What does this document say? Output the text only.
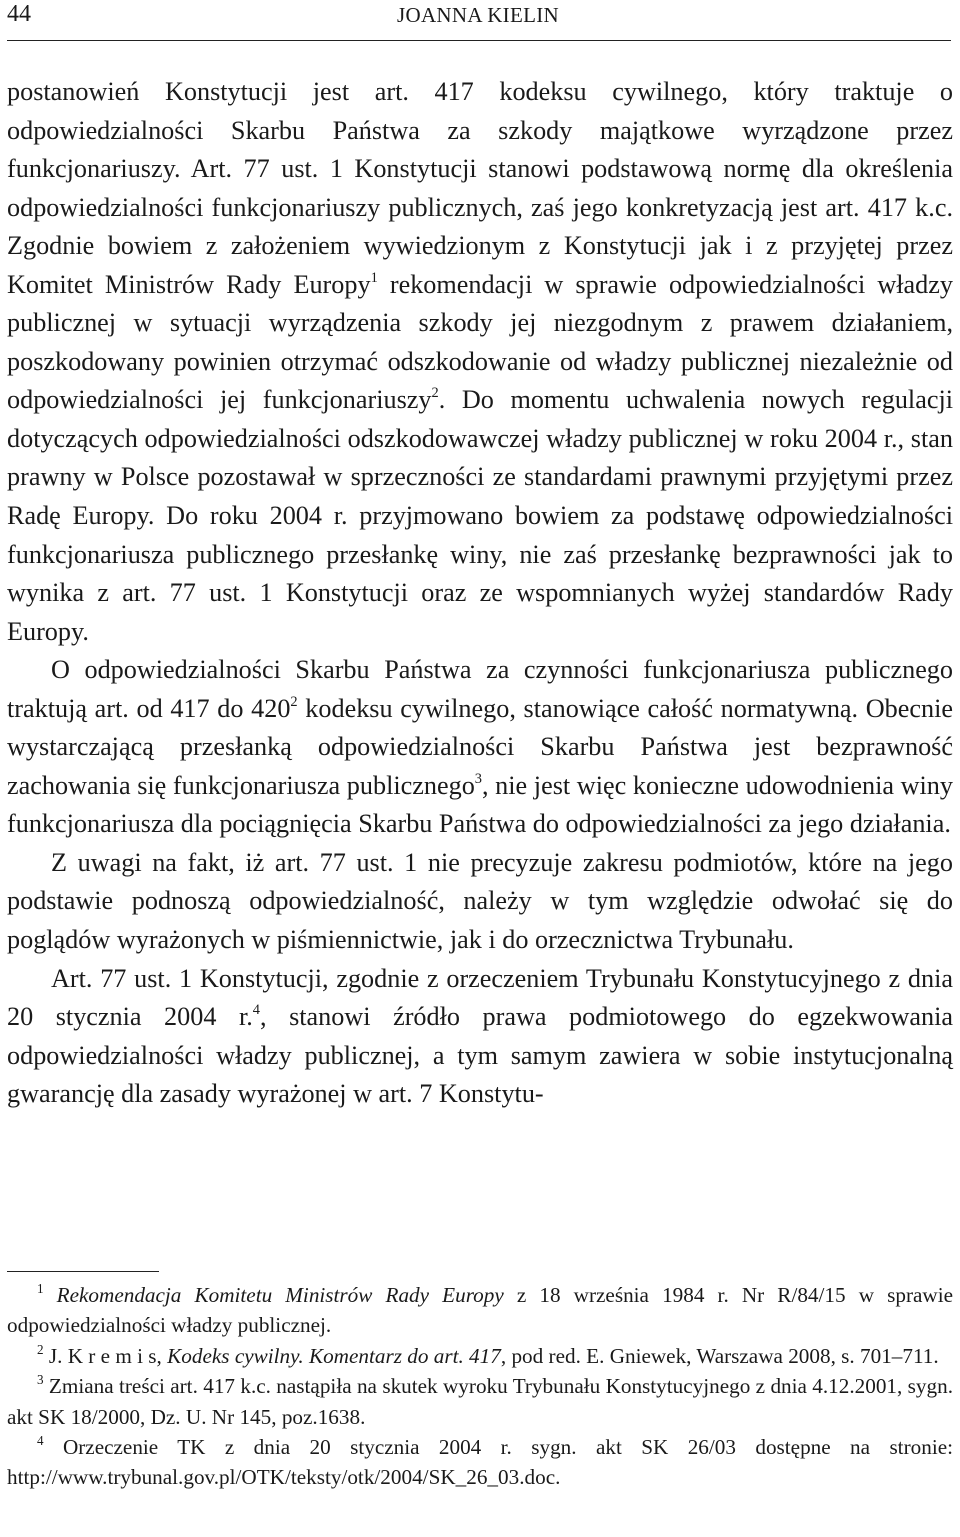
44	JOANNA KIELIN

postanowień Konstytucji jest art. 417 kodeksu cywilnego, który traktuje o odpowiedzialności Skarbu Państwa za szkody majątkowe wyrządzone przez funkcjonariuszy. Art. 77 ust. 1 Konstytucji stanowi podstawową normę dla określenia odpowiedzialności funkcjonariuszy publicznych, zaś jego konkretyzacją jest art. 417 k.c. Zgodnie bowiem z założeniem wywiedzionym z Konstytucji jak i z przyjętej przez Komitet Ministrów Rady Europy$^1$ rekomendacji w sprawie odpowiedzialności władzy publicznej w sytuacji wyrządzenia szkody jej niezgodnym z prawem działaniem, poszkodowany powinien otrzymać odszkodowanie od władzy publicznej niezależnie od odpowiedzialności jej funkcjonariuszy$^2$. Do momentu uchwalenia nowych regulacji dotyczących odpowiedzialności odszkodowawczej władzy publicznej w roku 2004 r., stan prawny w Polsce pozostawał w sprzeczności ze standardami prawnymi przyjętymi przez Radę Europy. Do roku 2004 r. przyjmowano bowiem za podstawę odpowiedzialności funkcjonariusza publicznego przesłankę winy, nie zaś przesłankę bezprawności jak to wynika z art. 77 ust. 1 Konstytucji oraz ze wspomnianych wyżej standardów Rady Europy.

O odpowiedzialności Skarbu Państwa za czynności funkcjonariusza publicznego traktują art. od 417 do $420^2$ kodeksu cywilnego, stanowiące całość normatywną. Obecnie wystarczającą przesłanką odpowiedzialności Skarbu Państwa jest bezprawność zachowania się funkcjonariusza publicznego$^3$, nie jest więc konieczne udowodnienia winy funkcjonariusza dla pociągnięcia Skarbu Państwa do odpowiedzialności za jego działania.

Z uwagi na fakt, iż art. 77 ust. 1 nie precyzuje zakresu podmiotów, które na jego podstawie podnoszą odpowiedzialność, należy w tym względzie odwołać się do poglądów wyrażonych w piśmiennictwie, jak i do orzecznictwa Trybunału.

Art. 77 ust. 1 Konstytucji, zgodnie z orzeczeniem Trybunału Konstytucyjnego z dnia 20 stycznia 2004 r.$^4$, stanowi źródło prawa podmiotowego do egzekwowania odpowiedzialności władzy publicznej, a tym samym zawiera w sobie instytucjonalną gwarancję dla zasady wyrażonej w art. 7 Konstytu-

$^1$ Rekomendacja Komitetu Ministrów Rady Europy z 18 września 1984 r. Nr R/84/15 w sprawie odpowiedzialności władzy publicznej.

$^2$ J. K r e m i s, Kodeks cywilny. Komentarz do art. 417, pod red. E. Gniewek, Warszawa 2008, s. 701–711.

$^3$ Zmiana treści art. 417 k.c. nastąpiła na skutek wyroku Trybunału Konstytucyjnego z dnia 4.12.2001, sygn. akt SK 18/2000, Dz. U. Nr 145, poz.1638.

$^4$ Orzeczenie TK z dnia 20 stycznia 2004 r. sygn. akt SK 26/03 dostępne na stronie: http://www.trybunal.gov.pl/OTK/teksty/otk/2004/SK_26_03.doc.
